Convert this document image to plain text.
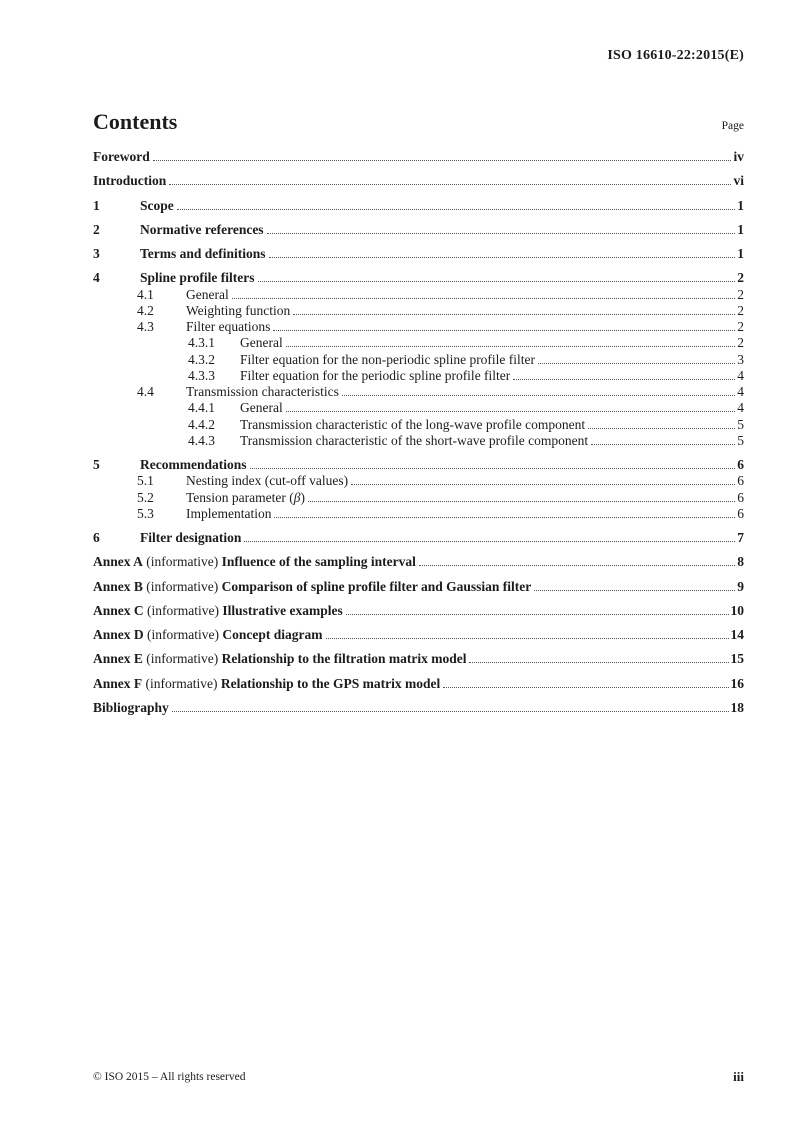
ISO 16610-22:2015(E)
Contents	Page
Foreword	iv
Introduction	vi
1	Scope	1
2	Normative references	1
3	Terms and definitions	1
4	Spline profile filters	2
4.1	General	2
4.2	Weighting function	2
4.3	Filter equations	2
4.3.1	General	2
4.3.2	Filter equation for the non-periodic spline profile filter	3
4.3.3	Filter equation for the periodic spline profile filter	4
4.4	Transmission characteristics	4
4.4.1	General	4
4.4.2	Transmission characteristic of the long-wave profile component	5
4.4.3	Transmission characteristic of the short-wave profile component	5
5	Recommendations	6
5.1	Nesting index (cut-off values)	6
5.2	Tension parameter (β)	6
5.3	Implementation	6
6	Filter designation	7
Annex A (informative) Influence of the sampling interval	8
Annex B (informative) Comparison of spline profile filter and Gaussian filter	9
Annex C (informative) Illustrative examples	10
Annex D (informative) Concept diagram	14
Annex E (informative) Relationship to the filtration matrix model	15
Annex F (informative) Relationship to the GPS matrix model	16
Bibliography	18
© ISO 2015 – All rights reserved	iii
